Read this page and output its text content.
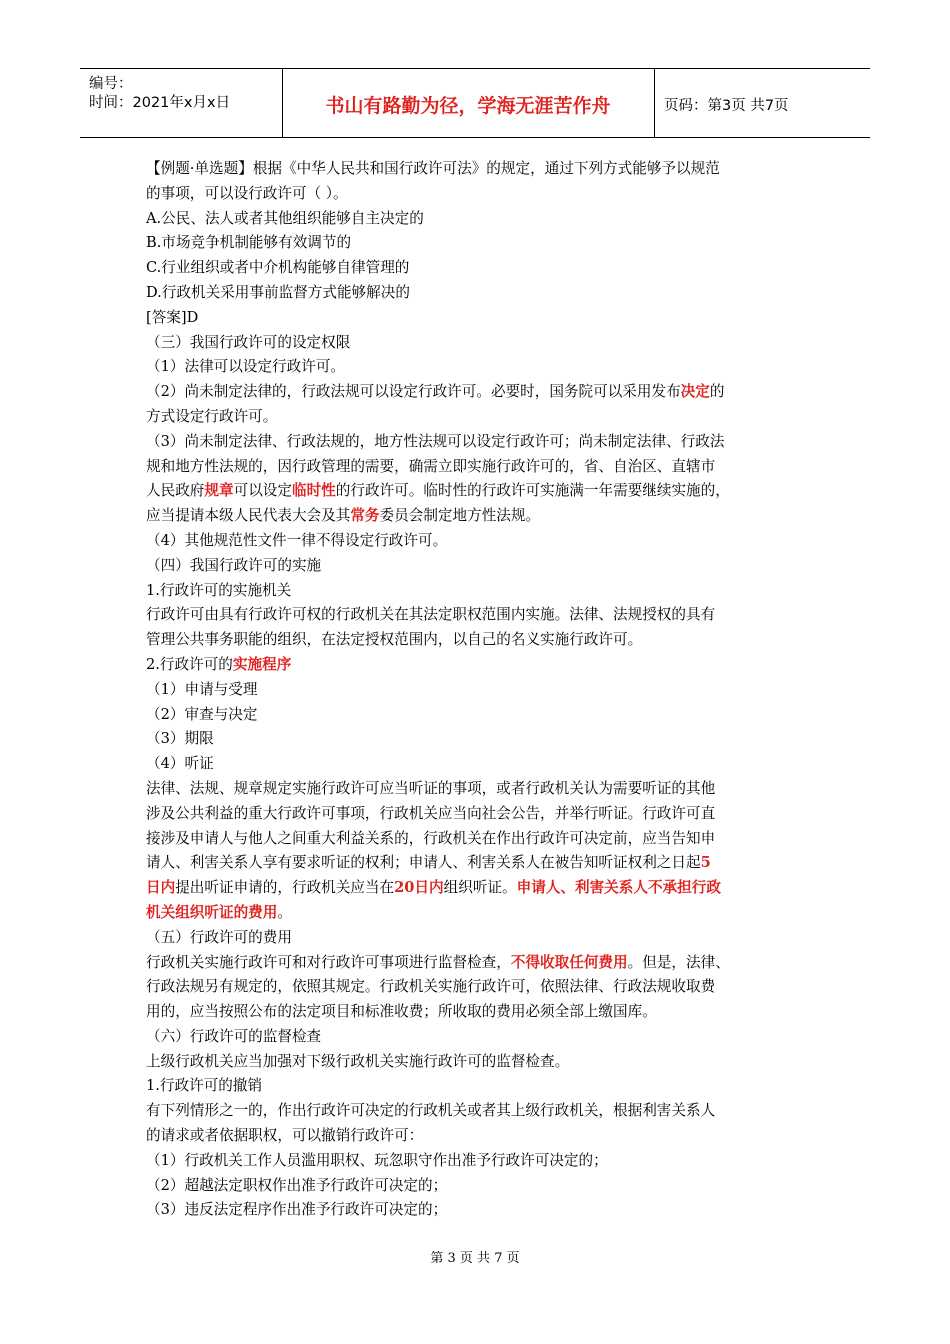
编号：
时间：2021年x月x日	书山有路勤为径，学海无涯苦作舟	页码：第3页 共7页

【例题·单选题】根据《中华人民共和国行政许可法》的规定，通过下列方式能够予以规范

的事项，可以设行政许可（ ）。

A.公民、法人或者其他组织能够自主决定的

B.市场竞争机制能够有效调节的

C.行业组织或者中介机构能够自律管理的

D.行政机关采用事前监督方式能够解决的

[答案]D

（三）我国行政许可的设定权限

（1）法律可以设定行政许可。

（2）尚未制定法律的，行政法规可以设定行政许可。必要时，国务院可以采用发布决定的

方式设定行政许可。

（3）尚未制定法律、行政法规的，地方性法规可以设定行政许可；尚未制定法律、行政法

规和地方性法规的，因行政管理的需要，确需立即实施行政许可的，省、自治区、直辖市

人民政府规章可以设定临时性的行政许可。临时性的行政许可实施满一年需要继续实施的，

应当提请本级人民代表大会及其常务委员会制定地方性法规。

（4）其他规范性文件一律不得设定行政许可。

（四）我国行政许可的实施

1.行政许可的实施机关

行政许可由具有行政许可权的行政机关在其法定职权范围内实施。法律、法规授权的具有

管理公共事务职能的组织，在法定授权范围内，以自己的名义实施行政许可。

2.行政许可的实施程序

（1）申请与受理

（2）审查与决定

（3）期限

（4）听证

法律、法规、规章规定实施行政许可应当听证的事项，或者行政机关认为需要听证的其他

涉及公共利益的重大行政许可事项，行政机关应当向社会公告，并举行听证。行政许可直

接涉及申请人与他人之间重大利益关系的，行政机关在作出行政许可决定前，应当告知申

请人、利害关系人享有要求听证的权利；申请人、利害关系人在被告知听证权利之日起5

日内提出听证申请的，行政机关应当在20日内组织听证。申请人、利害关系人不承担行政

机关组织听证的费用。

（五）行政许可的费用

行政机关实施行政许可和对行政许可事项进行监督检查，不得收取任何费用。但是，法律、

行政法规另有规定的，依照其规定。行政机关实施行政许可，依照法律、行政法规收取费

用的，应当按照公布的法定项目和标准收费；所收取的费用必须全部上缴国库。

（六）行政许可的监督检查

上级行政机关应当加强对下级行政机关实施行政许可的监督检查。

1.行政许可的撤销

有下列情形之一的，作出行政许可决定的行政机关或者其上级行政机关，根据利害关系人

的请求或者依据职权，可以撤销行政许可：

（1）行政机关工作人员滥用职权、玩忽职守作出准予行政许可决定的；

（2）超越法定职权作出准予行政许可决定的；

（3）违反法定程序作出准予行政许可决定的；

第 3 页 共 7 页
